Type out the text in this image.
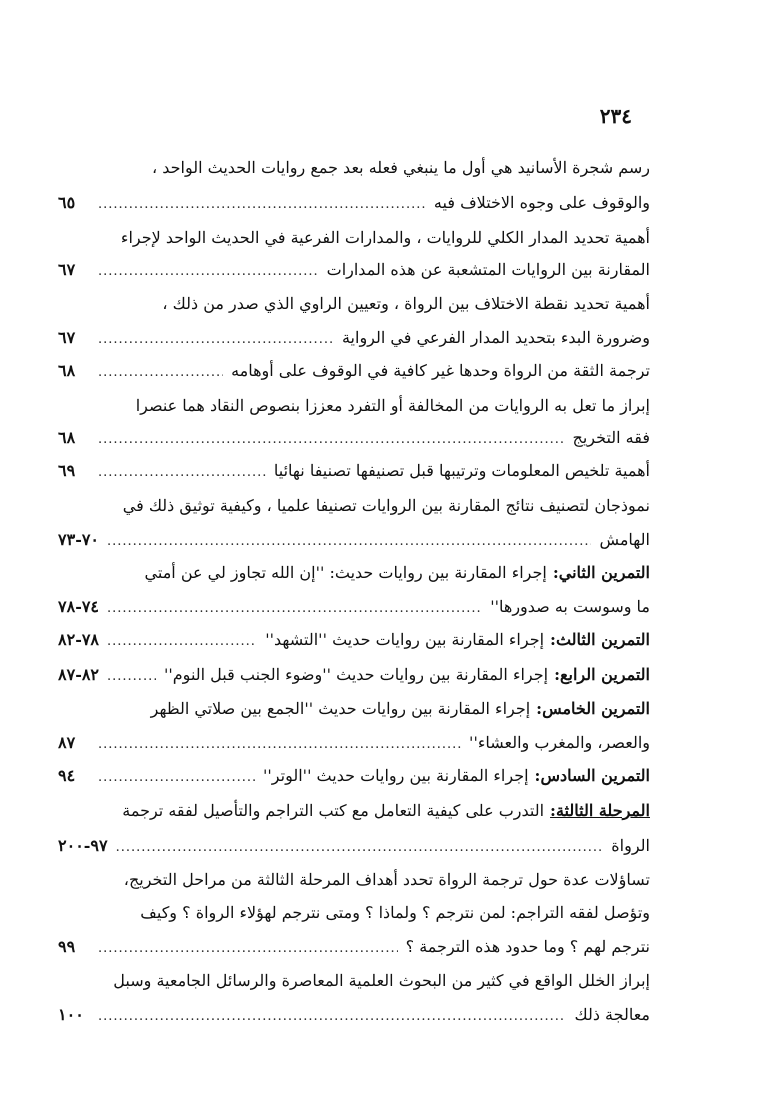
٢٣٤
رسم شجرة الأسانيد هي أول ما ينبغي فعله بعد جمع روايات الحديث الواحد ،
والوقوف على وجوه الاختلاف فيه
.....
٦٥
أهمية تحديد المدار الكلي للروايات ، والمدارات الفرعية في الحديث الواحد لإجراء
المقارنة بين الروايات المتشعبة عن هذه المدارات
.....
٦٧
أهمية تحديد نقطة الاختلاف بين الرواة ، وتعيين الراوي الذي صدر من ذلك ،
وضرورة البدء بتحديد المدار الفرعي في الرواية
.....
٦٧
ترجمة الثقة من الرواة وحدها غير كافية في الوقوف على أوهامه
.....
٦٨
إبراز ما تعل به الروايات من المخالفة أو التفرد معززا بنصوص النقاد هما عنصرا
فقه التخريج
.....
٦٨
أهمية تلخيص المعلومات وترتيبها قبل تصنيفها تصنيفا نهائيا
.....
٦٩
نموذجان لتصنيف نتائج المقارنة بين الروايات تصنيفا علميا ، وكيفية توثيق ذلك في
الهامش
.....
٧٠-٧٣
التمرين الثاني:
إجراء المقارنة بين روايات حديث: ''إن الله تجاوز لي عن أمتي
ما وسوست به صدورها''
.....
٧٤-٧٨
التمرين الثالث:
إجراء المقارنة بين روايات حديث ''التشهد''
.....
٧٨-٨٢
التمرين الرابع:
إجراء المقارنة بين روايات حديث ''وضوء الجنب قبل النوم''
.....
٨٢-٨٧
التمرين الخامس:
إجراء المقارنة بين روايات حديث ''الجمع بين صلاتي الظهر
والعصر، والمغرب والعشاء''
.....
٨٧
التمرين السادس:
إجراء المقارنة بين روايات حديث ''الوتر''
.....
٩٤
المرحلة الثالثة:
التدرب على كيفية التعامل مع كتب التراجم والتأصيل لفقه ترجمة
الرواة
.....
٩٧-٢٠٠
تساؤلات عدة حول ترجمة الرواة تحدد أهداف المرحلة الثالثة من مراحل التخريج،
وتؤصل لفقه التراجم: لمن نترجم ؟ ولماذا ؟ ومتى نترجم لهؤلاء الرواة ؟ وكيف
نترجم لهم ؟ وما حدود هذه الترجمة ؟
.....
٩٩
إبراز الخلل الواقع في كثير من البحوث العلمية المعاصرة والرسائل الجامعية وسبل
معالجة ذلك
.....
١٠٠
